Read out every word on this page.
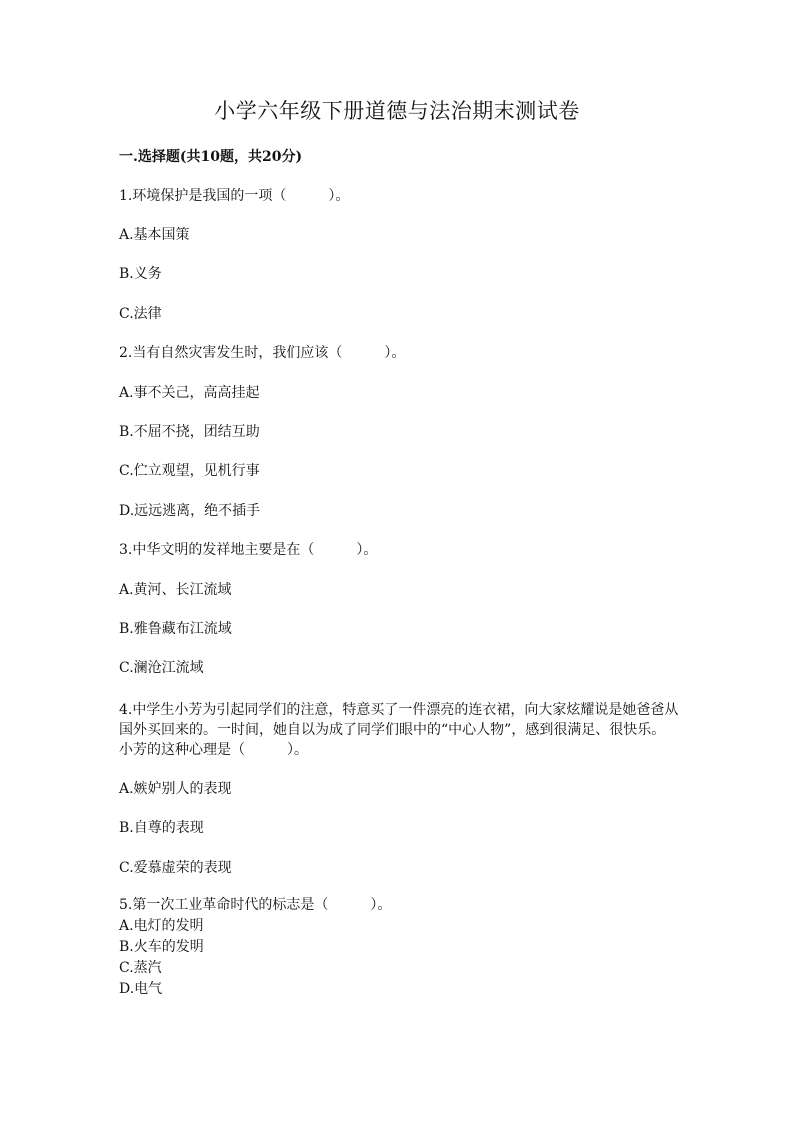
小学六年级下册道德与法治期末测试卷
一.选择题(共10题，共20分)
1.环境保护是我国的一项（　　　）。
A.基本国策
B.义务
C.法律
2.当有自然灾害发生时，我们应该（　　　）。
A.事不关己，高高挂起
B.不屈不挠，团结互助
C.伫立观望，见机行事
D.远远逃离，绝不插手
3.中华文明的发祥地主要是在（　　　）。
A.黄河、长江流域
B.雅鲁藏布江流域
C.澜沧江流域
4.中学生小芳为引起同学们的注意，特意买了一件漂亮的连衣裙，向大家炫耀说是她爸爸从国外买回来的。一时间，她自以为成了同学们眼中的“中心人物”，感到很满足、很快乐。小芳的这种心理是（　　　）。
A.嫉妒别人的表现
B.自尊的表现
C.爱慕虚荣的表现
5.第一次工业革命时代的标志是（　　　）。
A.电灯的发明
B.火车的发明
C.蒸汽
D.电气
